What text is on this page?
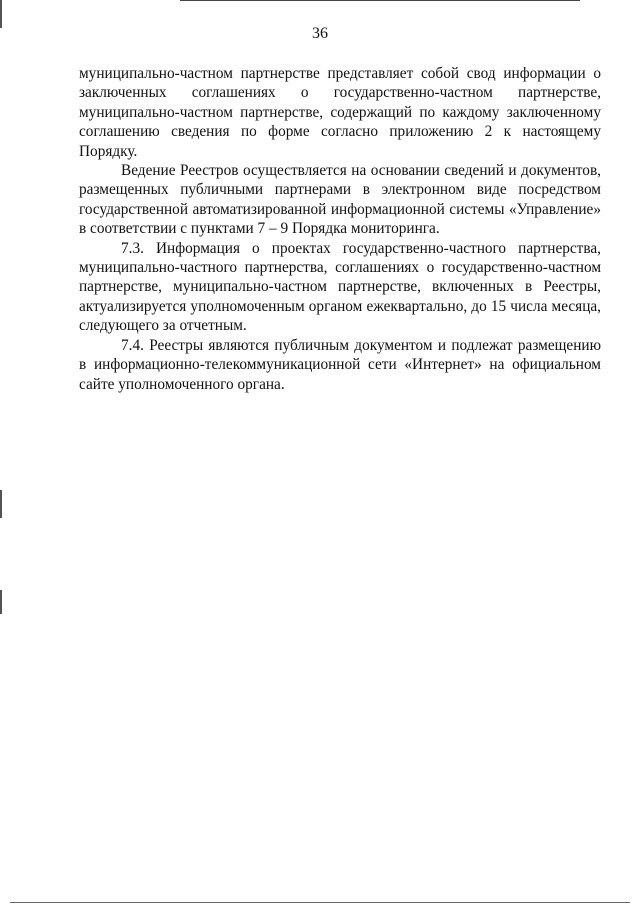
36

муниципально-частном партнерстве представляет собой свод информации о заключенных соглашениях о государственно-частном партнерстве, муниципально-частном партнерстве, содержащий по каждому заключенному соглашению сведения по форме согласно приложению 2 к настоящему Порядку.

Ведение Реестров осуществляется на основании сведений и документов, размещенных публичными партнерами в электронном виде посредством государственной автоматизированной информационной системы «Управление» в соответствии с пунктами 7 – 9 Порядка мониторинга.

7.3. Информация о проектах государственно-частного партнерства, муниципально-частного партнерства, соглашениях о государственно-частном партнерстве, муниципально-частном партнерстве, включенных в Реестры, актуализируется уполномоченным органом ежеквартально, до 15 числа месяца, следующего за отчетным.

7.4. Реестры являются публичным документом и подлежат размещению в информационно-телекоммуникационной сети «Интернет» на официальном сайте уполномоченного органа.
